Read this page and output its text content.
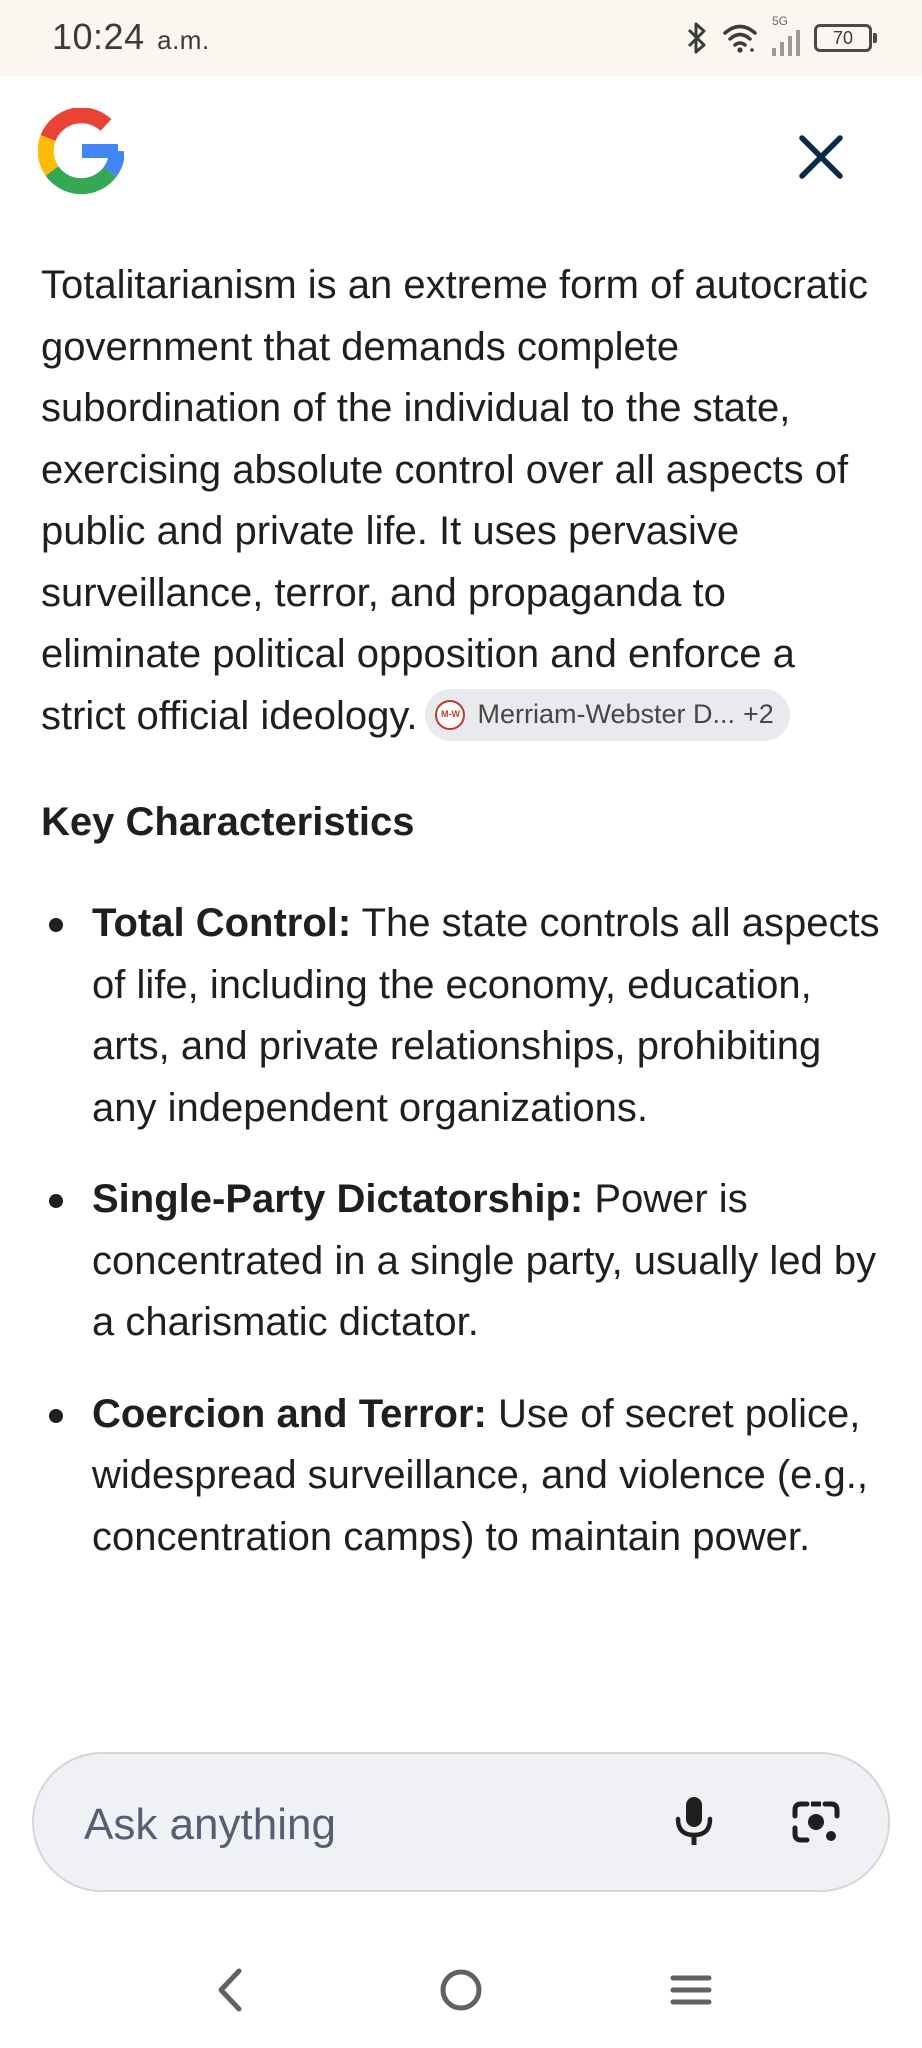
10:24 a.m.
5G
70

Totalitarianism is an extreme form of autocratic government that demands complete subordination of the individual to the state, exercising absolute control over all aspects of public and private life. It uses pervasive surveillance, terror, and propaganda to eliminate political opposition and enforce a strict official ideology.	M-W Merriam-Webster D... +2

Key Characteristics
Total Control: The state controls all aspects of life, including the economy, education, arts, and private relationships, prohibiting any independent organizations.
Single-Party Dictatorship: Power is concentrated in a single party, usually led by a charismatic dictator.
Coercion and Terror: Use of secret police, widespread surveillance, and violence (e.g., concentration camps) to maintain power.
Ask anything
